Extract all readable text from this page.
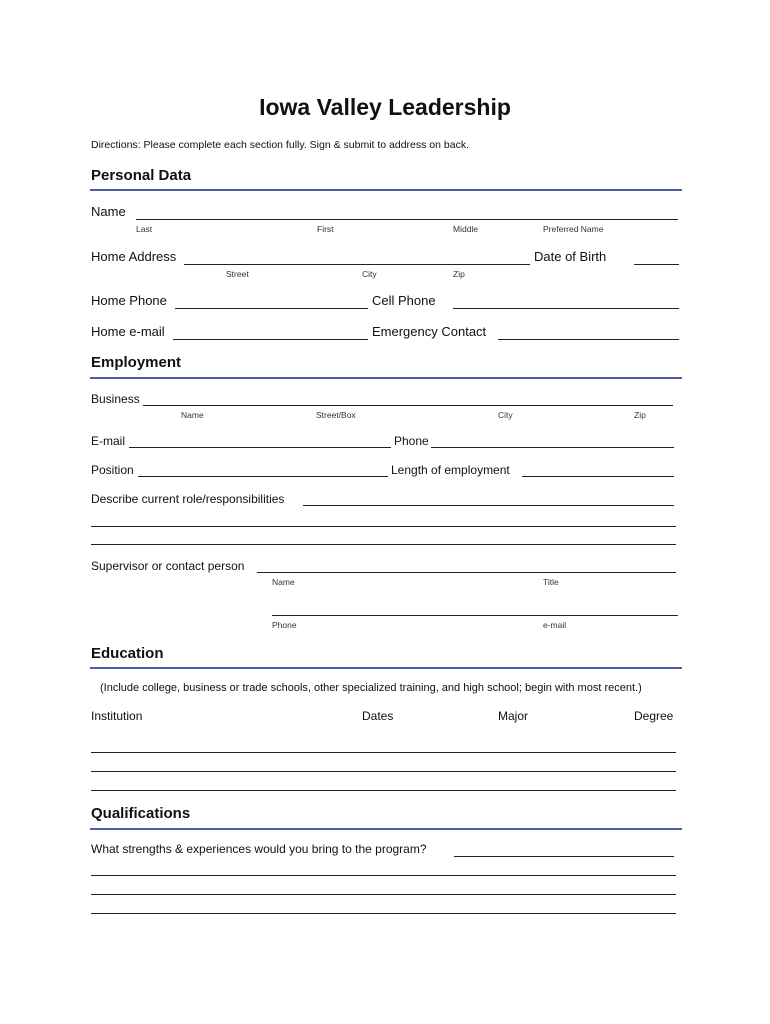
Iowa Valley Leadership
Directions: Please complete each section fully. Sign & submit to address on back.
Personal Data
Name
Last	First	Middle	Preferred Name
Home Address	Date of Birth
Street	City	Zip
Home Phone	Cell Phone
Home e-mail	Emergency Contact
Employment
Business
Name	Street/Box	City	Zip
E-mail	Phone
Position	Length of employment
Describe current role/responsibilities
Supervisor or contact person
Name	Title
Phone	e-mail
Education
(Include college, business or trade schools, other specialized training, and high school; begin with most recent.)
Institution	Dates	Major	Degree
Qualifications
What strengths & experiences would you bring to the program?
